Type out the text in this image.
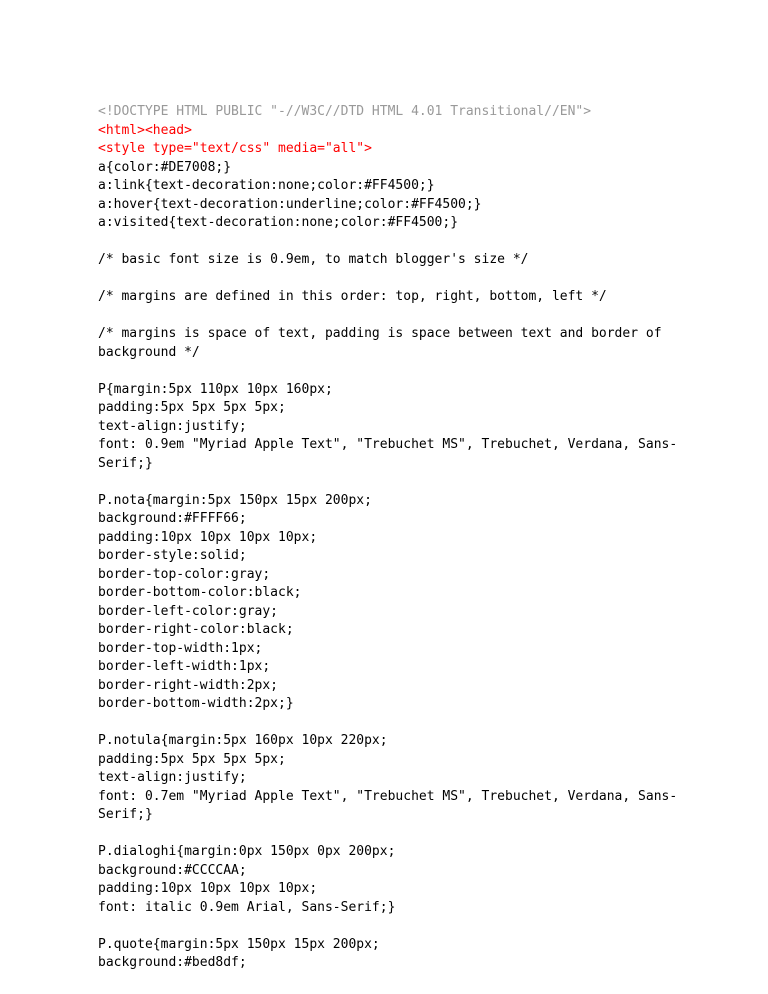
<!DOCTYPE HTML PUBLIC "-//W3C//DTD HTML 4.01 Transitional//EN">
<html><head>
<style type="text/css" media="all">
a{color:#DE7008;}
a:link{text-decoration:none;color:#FF4500;}
a:hover{text-decoration:underline;color:#FF4500;}
a:visited{text-decoration:none;color:#FF4500;}
/* basic font size is 0.9em, to match blogger's size */
/* margins are defined in this order: top, right, bottom, left */
/* margins is space of text, padding is space between text and border of background */
P{margin:5px 110px 10px 160px;
padding:5px 5px 5px 5px;
text-align:justify;
font: 0.9em "Myriad Apple Text", "Trebuchet MS", Trebuchet, Verdana, Sans-Serif;}
P.nota{margin:5px 150px 15px 200px;
background:#FFFF66;
padding:10px 10px 10px 10px;
border-style:solid;
border-top-color:gray;
border-bottom-color:black;
border-left-color:gray;
border-right-color:black;
border-top-width:1px;
border-left-width:1px;
border-right-width:2px;
border-bottom-width:2px;}
P.notula{margin:5px 160px 10px 220px;
padding:5px 5px 5px 5px;
text-align:justify;
font: 0.7em "Myriad Apple Text", "Trebuchet MS", Trebuchet, Verdana, Sans-Serif;}
P.dialoghi{margin:0px 150px 0px 200px;
background:#CCCCAA;
padding:10px 10px 10px 10px;
font: italic 0.9em Arial, Sans-Serif;}
P.quote{margin:5px 150px 15px 200px;
background:#bed8df;
